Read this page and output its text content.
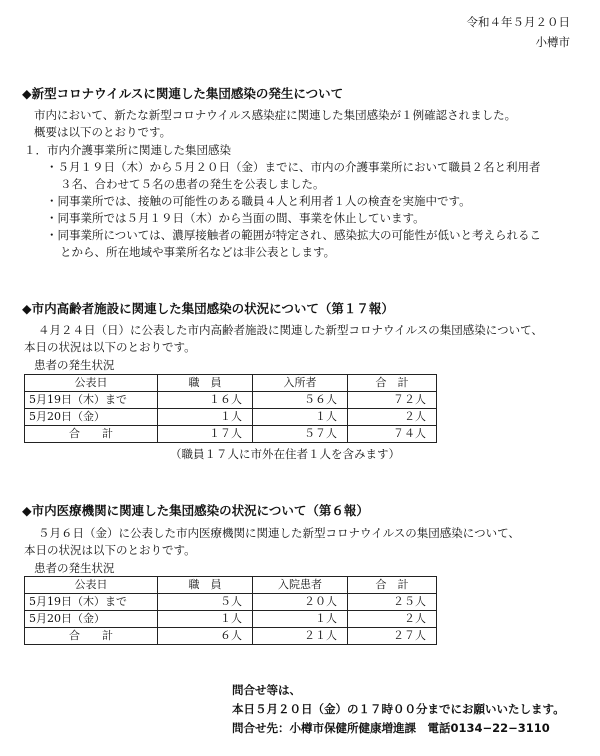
令和４年５月２０日
小樽市
◆新型コロナウイルスに関連した集団感染の発生について
市内において、新たな新型コロナウイルス感染症に関連した集団感染が１例確認されました。
概要は以下のとおりです。
１．市内介護事業所に関連した集団感染
・５月１９日（木）から５月２０日（金）までに、市内の介護事業所において職員２名と利用者
３名、合わせて５名の患者の発生を公表しました。
・同事業所では、接触の可能性のある職員４人と利用者１人の検査を実施中です。
・同事業所では５月１９日（木）から当面の間、事業を休止しています。
・同事業所については、濃厚接触者の範囲が特定され、感染拡大の可能性が低いと考えられるこ
とから、所在地域や事業所名などは非公表とします。
◆市内高齢者施設に関連した集団感染の状況について（第１７報）
４月２４日（日）に公表した市内高齢者施設に関連した新型コロナウイルスの集団感染について、
本日の状況は以下のとおりです。
患者の発生状況
公表日	職　員	入所者	合　計
5月19日（木）まで	１６人	５６人	７２人
5月20日（金）	１人	１人	２人
合　　計	１７人	５７人	７４人
（職員１７人に市外在住者１人を含みます）
◆市内医療機関に関連した集団感染の状況について（第６報）
５月６日（金）に公表した市内医療機関に関連した新型コロナウイルスの集団感染について、
本日の状況は以下のとおりです。
患者の発生状況
公表日	職　員	入院患者	合　計
5月19日（木）まで	５人	２０人	２５人
5月20日（金）	１人	１人	２人
合　　計	６人	２１人	２７人
問合せ等は、
本日５月２０日（金）の１７時００分までにお願いいたします。
問合せ先：小樽市保健所健康増進課　電話0134−22−3110
